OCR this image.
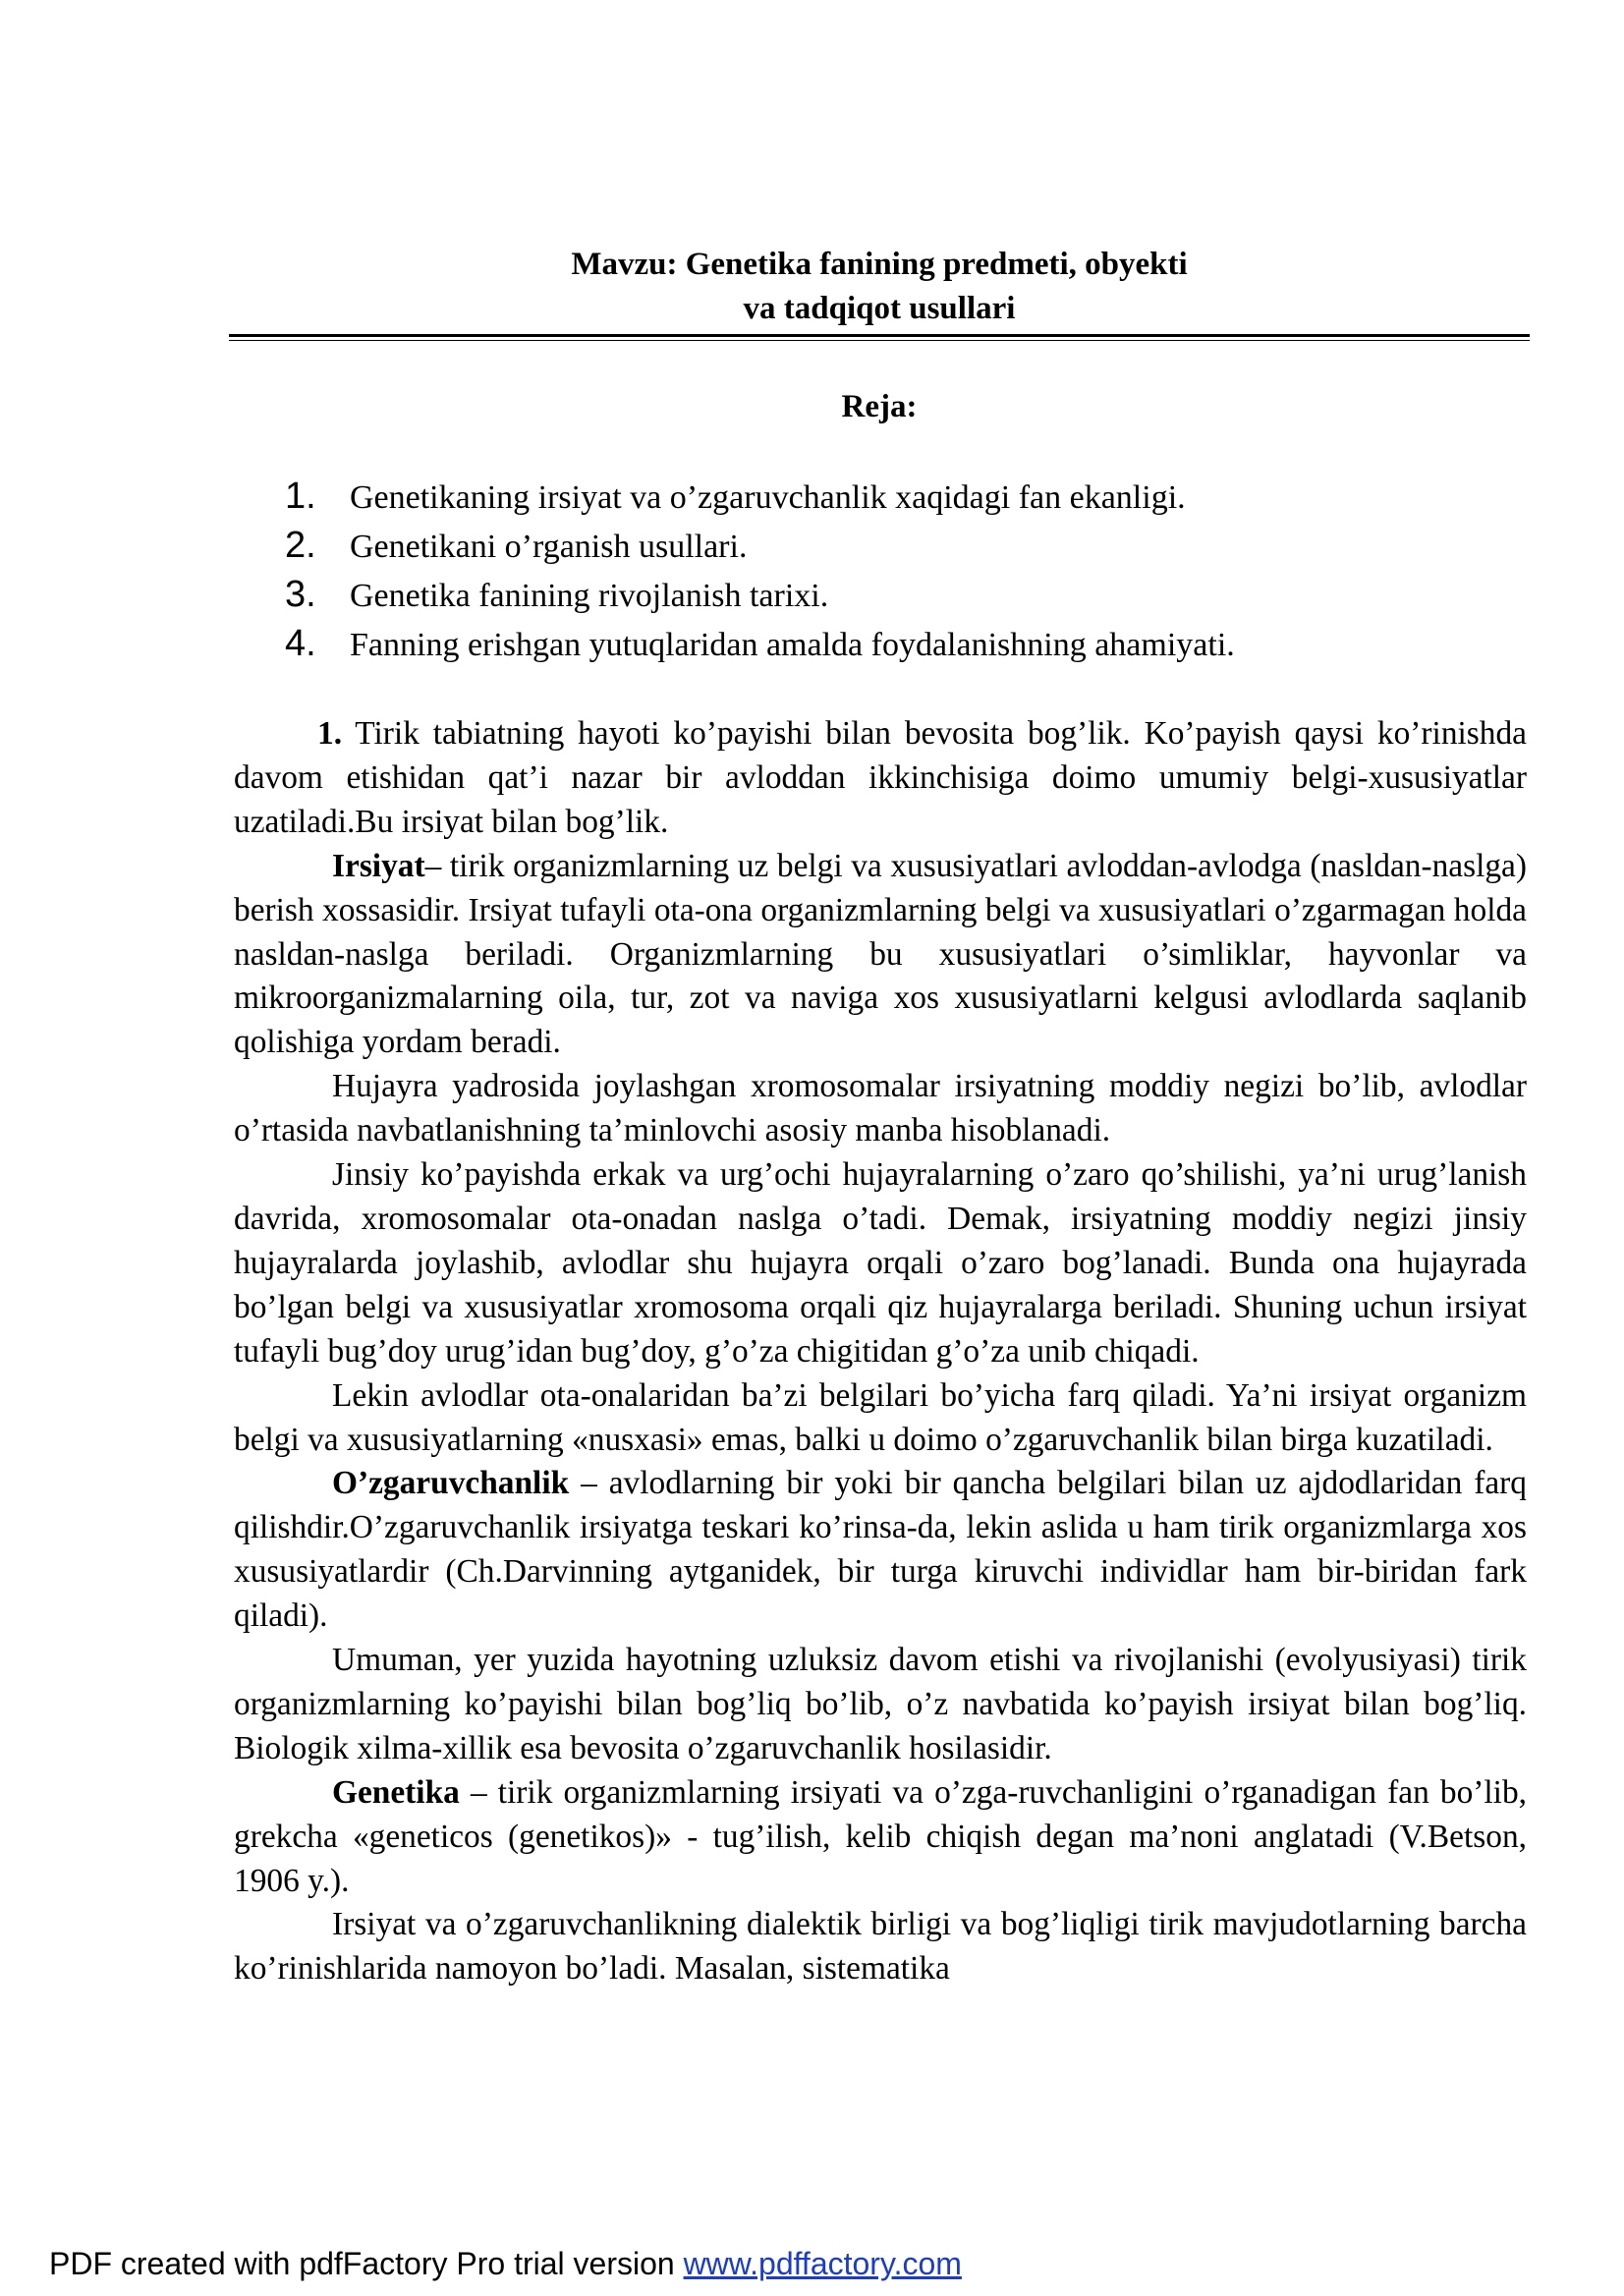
Mavzu: Genetika fanining predmeti, obyekti
va tadqiqot usullari
Reja:
1. Genetikaning irsiyat va o’zgaruvchanlik xaqidagi fan ekanligi.
2. Genetikani o’rganish usullari.
3. Genetika fanining rivojlanish tarixi.
4. Fanning erishgan yutuqlaridan amalda foydalanishning ahamiyati.

1. Tirik tabiatning hayoti ko’payishi bilan bevosita bog’lik. Ko’payish qaysi ko’rinishda davom etishidan qat’i nazar bir avloddan ikkinchisiga doimo umumiy belgi-xususiyatlar uzatiladi.Bu irsiyat bilan bog’lik.

Irsiyat– tirik organizmlarning uz belgi va xususiyatlari avloddan-avlodga (nasldan-naslga) berish xossasidir. Irsiyat tufayli ota-ona organizmlarning belgi va xususiyatlari o’zgarmagan holda nasldan-naslga beriladi. Organizmlarning bu xususiyatlari o’simliklar, hayvonlar va mikroorganizmalarning oila, tur, zot va naviga xos xususiyatlarni kelgusi avlodlarda saqlanib qolishiga yordam beradi.

Hujayra yadrosida joylashgan xromosomalar irsiyatning moddiy negizi bo’lib, avlodlar o’rtasida navbatlanishning ta’minlovchi asosiy manba hisoblanadi.

Jinsiy ko’payishda erkak va urg’ochi hujayralarning o’zaro qo’shilishi, ya’ni urug’lanish davrida, xromosomalar ota-onadan naslga o’tadi. Demak, irsiyatning moddiy negizi jinsiy hujayralarda joylashib, avlodlar shu hujayra orqali o’zaro bog’lanadi. Bunda ona hujayrada bo’lgan belgi va xususiyatlar xromosoma orqali qiz hujayralarga beriladi. Shuning uchun irsiyat tufayli bug’doy urug’idan bug’doy, g’o’za chigitidan g’o’za unib chiqadi.

Lekin avlodlar ota-onalaridan ba’zi belgilari bo’yicha farq qiladi. Ya’ni irsiyat organizm belgi va xususiyatlarning «nusxasi» emas, balki u doimo o’zgaruvchanlik bilan birga kuzatiladi.

O’zgaruvchanlik – avlodlarning bir yoki bir qancha belgilari bilan uz ajdodlaridan farq qilishdir.O’zgaruvchanlik irsiyatga teskari ko’rinsa-da, lekin aslida u ham tirik organizmlarga xos xususiyatlardir (Ch.Darvinning aytganidek, bir turga kiruvchi individlar ham bir-biridan fark qiladi).

Umuman, yer yuzida hayotning uzluksiz davom etishi va rivojlanishi (evolyusiyasi) tirik organizmlarning ko’payishi bilan bog’liq bo’lib, o’z navbatida ko’payish irsiyat bilan bog’liq. Biologik xilma-xillik esa bevosita o’zgaruvchanlik hosilasidir.

Genetika – tirik organizmlarning irsiyati va o’zga-ruvchanligini o’rganadigan fan bo’lib, grekcha «geneticos (genetikos)» - tug’ilish, kelib chiqish degan ma’noni anglatadi (V.Betson, 1906 y.).

Irsiyat va o’zgaruvchanlikning dialektik birligi va bog’liqligi tirik mavjudotlarning barcha ko’rinishlarida namoyon bo’ladi. Masalan, sistematika

PDF created with pdfFactory Pro trial version www.pdffactory.com
